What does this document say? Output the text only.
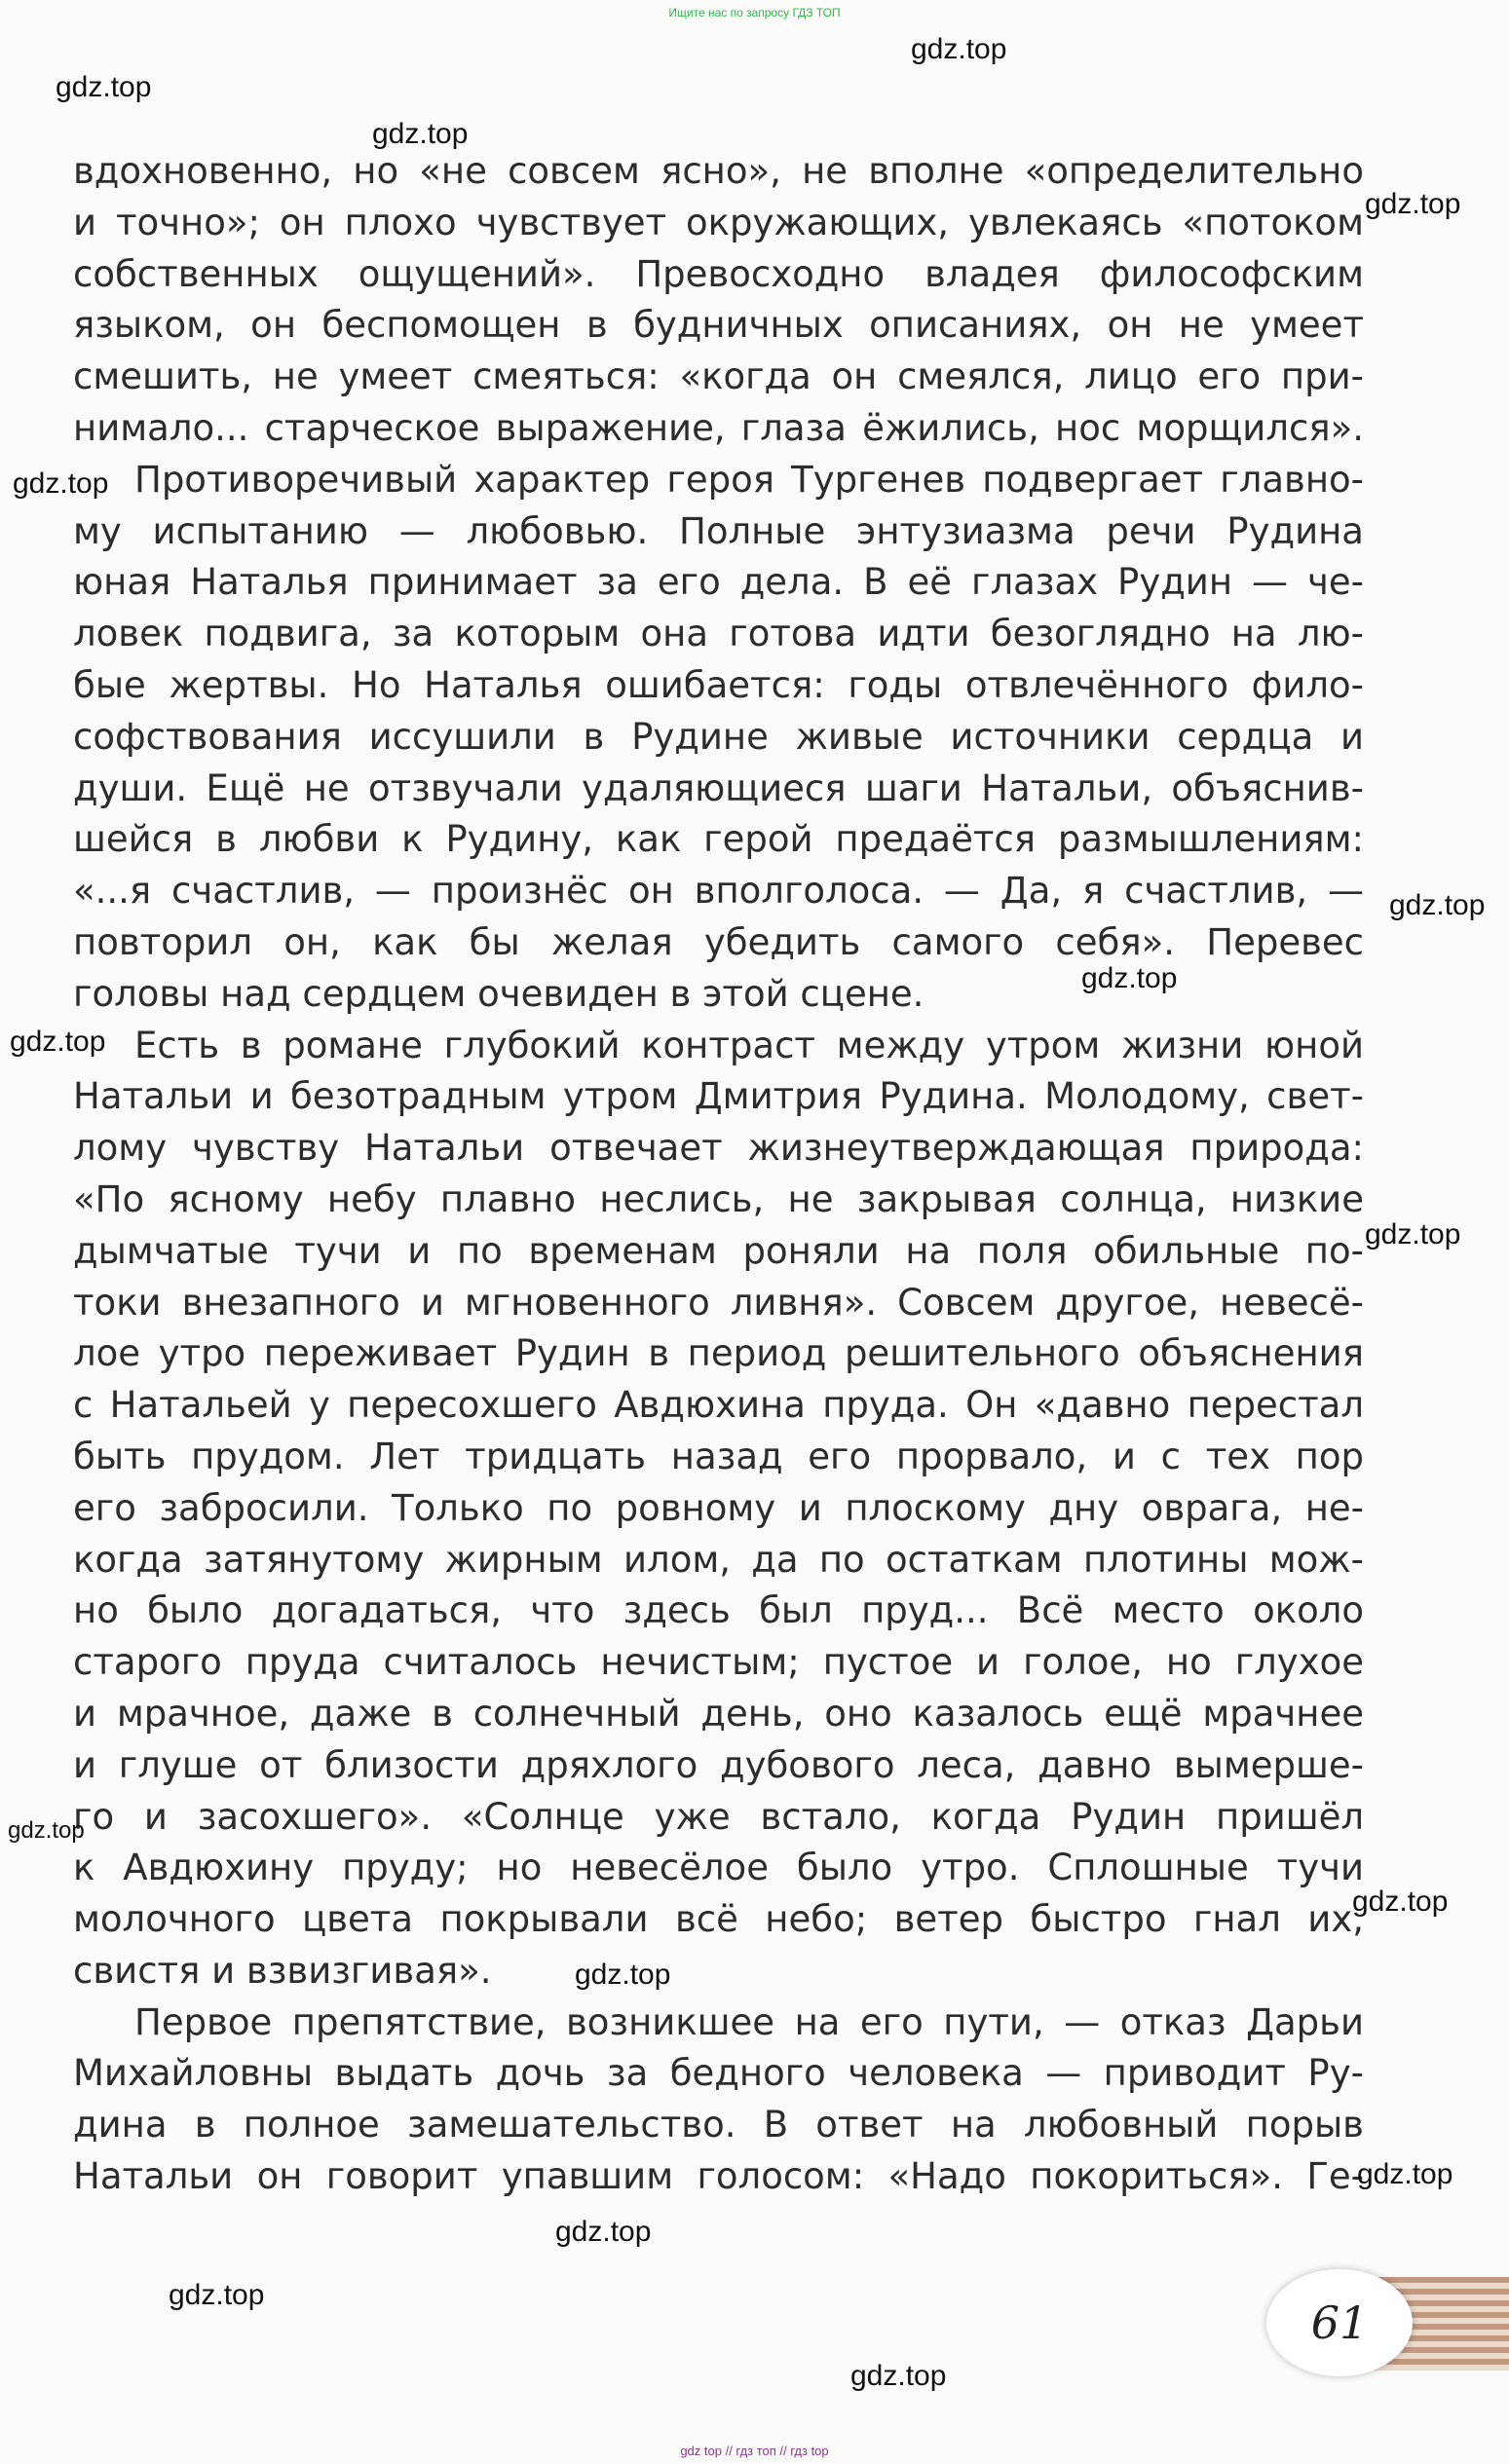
Ищите нас по запросу ГДЗ ТОП
вдохновенно, но «не совсем ясно», не вполне «определительно
и точно»; он плохо чувствует окружающих, увлекаясь «потоком
собственных ощущений». Превосходно владея философским
языком, он беспомощен в будничных описаниях, он не умеет
смешить, не умеет смеяться: «когда он смеялся, лицо его при-
нимало... старческое выражение, глаза ёжились, нос морщился».
Противоречивый характер героя Тургенев подвергает главно-
му испытанию — любовью. Полные энтузиазма речи Рудина
юная Наталья принимает за его дела. В её глазах Рудин — че-
ловек подвига, за которым она готова идти безоглядно на лю-
бые жертвы. Но Наталья ошибается: годы отвлечённого фило-
софствования иссушили в Рудине живые источники сердца и
души. Ещё не отзвучали удаляющиеся шаги Натальи, объяснив-
шейся в любви к Рудину, как герой предаётся размышлениям:
«...я счастлив, — произнёс он вполголоса. — Да, я счастлив, —
повторил он, как бы желая убедить самого себя». Перевес
головы над сердцем очевиден в этой сцене.
Есть в романе глубокий контраст между утром жизни юной
Натальи и безотрадным утром Дмитрия Рудина. Молодому, свет-
лому чувству Натальи отвечает жизнеутверждающая природа:
«По ясному небу плавно неслись, не закрывая солнца, низкие
дымчатые тучи и по временам роняли на поля обильные по-
токи внезапного и мгновенного ливня». Совсем другое, невесё-
лое утро переживает Рудин в период решительного объяснения
с Натальей у пересохшего Авдюхина пруда. Он «давно перестал
быть прудом. Лет тридцать назад его прорвало, и с тех пор
его забросили. Только по ровному и плоскому дну оврага, не-
когда затянутому жирным илом, да по остаткам плотины мож-
но было догадаться, что здесь был пруд... Всё место около
старого пруда считалось нечистым; пустое и голое, но глухое
и мрачное, даже в солнечный день, оно казалось ещё мрачнее
и глуше от близости дряхлого дубового леса, давно вымерше-
го и засохшего». «Солнце уже встало, когда Рудин пришёл
к Авдюхину пруду; но невесёлое было утро. Сплошные тучи
молочного цвета покрывали всё небо; ветер быстро гнал их,
свистя и взвизгивая».
Первое препятствие, возникшее на его пути, — отказ Дарьи
Михайловны выдать дочь за бедного человека — приводит Ру-
дина в полное замешательство. В ответ на любовный порыв
Натальи он говорит упавшим голосом: «Надо покориться». Ге-
gdz.top
gdz.top
gdz.top
gdz.top
gdz.top
gdz.top
gdz.top
gdz.top
gdz.top
gdz.top
gdz.top
gdz.top
gdz.top
gdz.top
gdz.top
gdz.top
61
gdz top // гдз топ // гдз top
